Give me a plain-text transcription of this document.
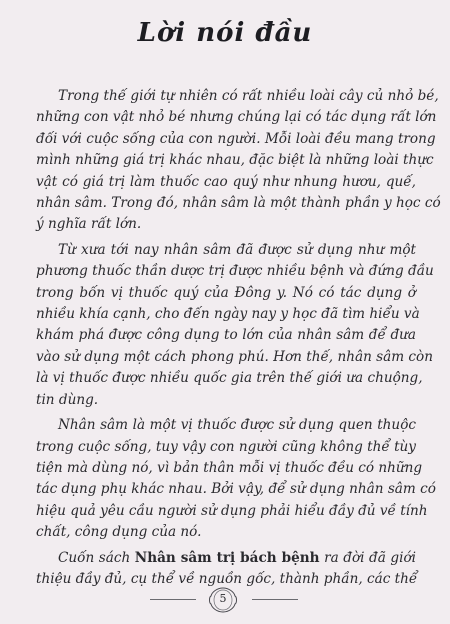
Lời nói đầu

Trong thế giới tự nhiên có rất nhiều loài cây củ nhỏ bé,
những con vật nhỏ bé nhưng chúng lại có tác dụng rất lớn
đối với cuộc sống của con người. Mỗi loài đều mang trong
mình những giá trị khác nhau, đặc biệt là những loài thực
vật có giá trị làm thuốc cao quý như nhung hươu, quế,
nhân sâm. Trong đó, nhân sâm là một thành phần y học có
ý nghĩa rất lớn.

Từ xưa tới nay nhân sâm đã được sử dụng như một
phương thuốc thần dược trị được nhiều bệnh và đứng đầu
trong bốn vị thuốc quý của Đông y. Nó có tác dụng ở
nhiều khía cạnh, cho đến ngày nay y học đã tìm hiểu và
khám phá được công dụng to lớn của nhân sâm để đưa
vào sử dụng một cách phong phú. Hơn thế, nhân sâm còn
là vị thuốc được nhiều quốc gia trên thế giới ưa chuộng,
tin dùng.

Nhân sâm là một vị thuốc được sử dụng quen thuộc
trong cuộc sống, tuy vậy con người cũng không thể tùy
tiện mà dùng nó, vì bản thân mỗi vị thuốc đều có những
tác dụng phụ khác nhau. Bởi vậy, để sử dụng nhân sâm có
hiệu quả yêu cầu người sử dụng phải hiểu đầy đủ về tính
chất, công dụng của nó.

Cuốn sách Nhân sâm trị bách bệnh ra đời đã giới
thiệu đầy đủ, cụ thể về nguồn gốc, thành phần, các thể

5
